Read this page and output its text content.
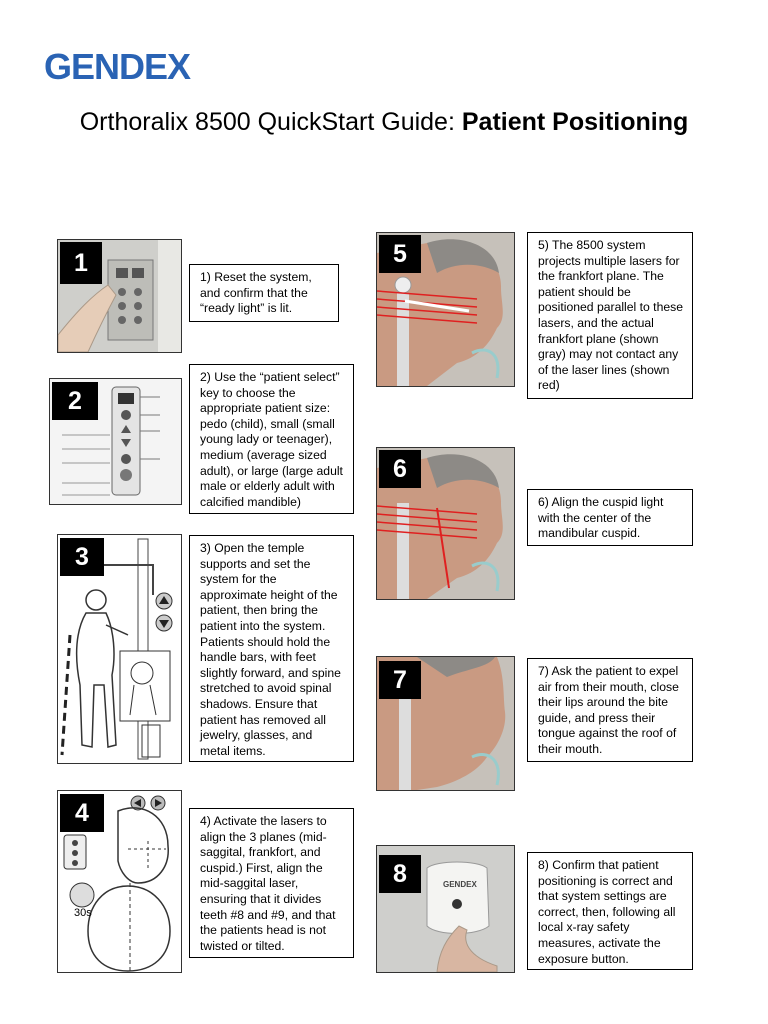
GENDEX
Orthoralix 8500 QuickStart Guide: Patient Positioning
1
1) Reset the system, and confirm that the “ready light” is lit.
2
2) Use the “patient select” key to choose the appropriate patient size: pedo (child), small (small young lady or teenager), medium (average sized adult), or large (large adult male or elderly adult with calcified mandible)
3	3) Open the temple supports and set the system for the approximate height of the patient, then bring the patient into the system. Patients should hold the handle bars, with feet slightly forward, and spine stretched to avoid spinal shadows. Ensure that patient has removed all jewelry, glasses, and metal items.
4
30s
4) Activate the lasers to align the 3 planes (mid-saggital, frankfort, and cuspid.) First, align the mid-saggital laser, ensuring that it divides teeth #8 and #9, and that the patients head is not twisted or tilted.
5	5) The 8500 system projects multiple lasers for the frankfort plane. The patient should be positioned parallel to these lasers, and the actual frankfort plane (shown gray) may not contact any of the laser lines (shown red)
6
6) Align the cuspid light with the center of the mandibular cuspid.
7	7) Ask the patient to expel air from their mouth, close their lips around the bite guide, and press their tongue against the roof of their mouth.
8	GENDEX
8) Confirm that patient positioning is correct and that system settings are correct, then, following all local x-ray safety measures, activate the exposure button.
